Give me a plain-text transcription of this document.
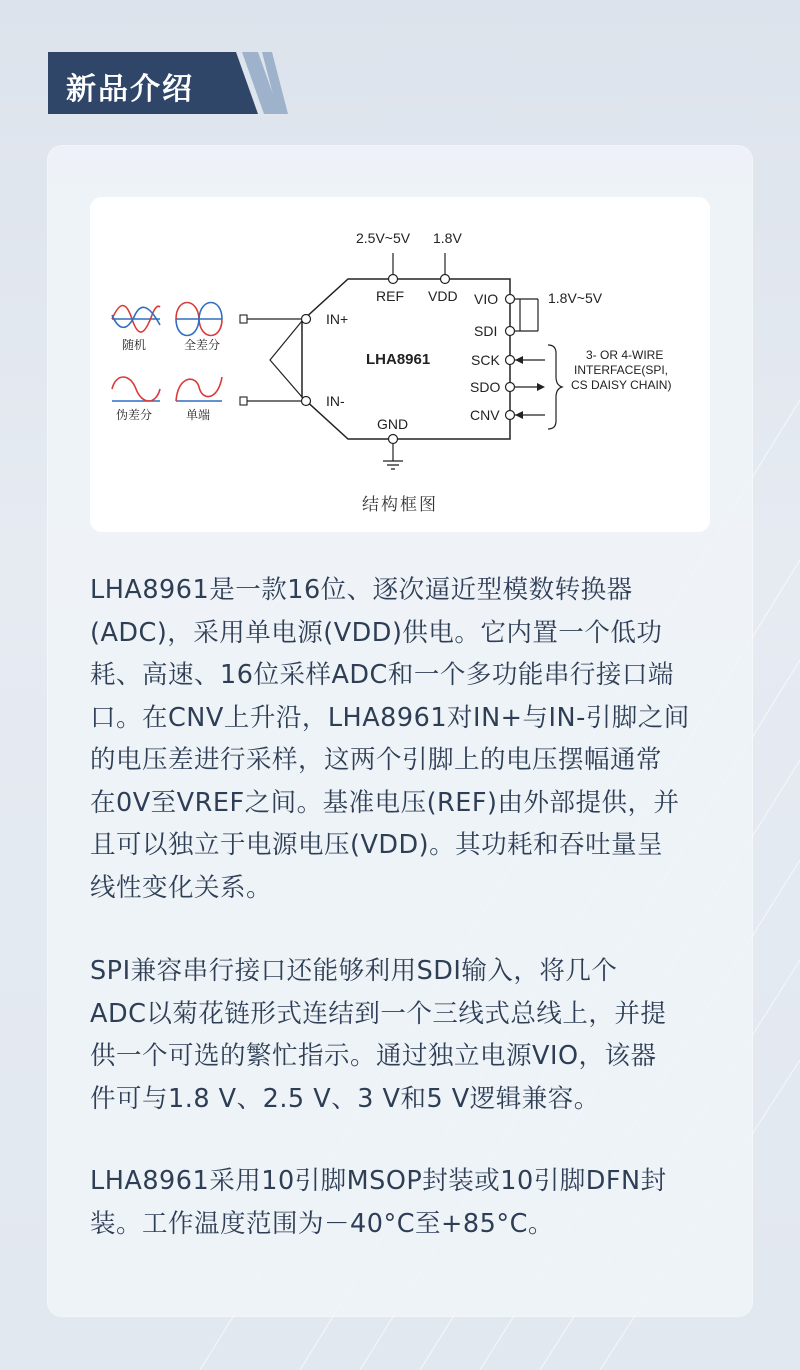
新品介绍
LHA8961
2.5V~5V
REF
1.8V
VDD
GND
IN+
IN-
VIO
SDI
SCK
SDO
CNV
1.8V~5V
3- OR 4-WIRE
INTERFACE(SPI,
CS DAISY CHAIN)
随机	全差分
伪差分	单端
结构框图

LHA8961是一款16位、逐次逼近型模数转换器
(ADC)，采用单电源(VDD)供电。它内置一个低功
耗、高速、16位采样ADC和一个多功能串行接口端
口。在CNV上升沿，LHA8961对IN+与IN-引脚之间
的电压差进行采样，这两个引脚上的电压摆幅通常
在0V至VREF之间。基准电压(REF)由外部提供，并
且可以独立于电源电压(VDD)。其功耗和吞吐量呈
线性变化关系。

SPI兼容串行接口还能够利用SDI输入，将几个
ADC以菊花链形式连结到一个三线式总线上，并提
供一个可选的繁忙指示。通过独立电源VIO，该器
件可与1.8 V、2.5 V、3 V和5 V逻辑兼容。

LHA8961采用10引脚MSOP封装或10引脚DFN封
装。工作温度范围为－40°C至+85°C。
